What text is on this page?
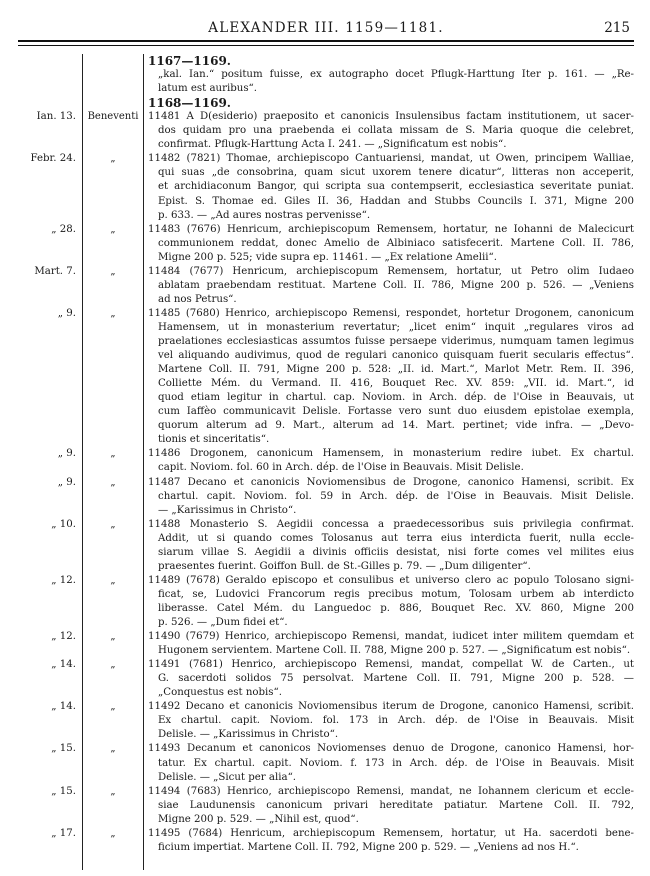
ALEXANDER III. 1159—1181.	215
Ian. 13.
Febr. 24.
„ 28.
Mart. 7.
„ 9.
„ 9.
„ 9.
„ 10.
„ 12.
„ 12.
„ 14.
„ 14.
„ 15.
„ 15.
„ 17.
Beneventi
„
„
„
„
„
„
„
„
„
„
„
„
„
„
1167—1169.
„kal. Ian.“ positum fuisse, ex autographo docet Pflugk-Harttung Iter p. 161. — „Re-
latum est auribus“.
1168—1169.
11481 A D(esiderio) praeposito et canonicis Insulensibus factam institutionem, ut sacer-
dos quidam pro una praebenda ei collata missam de S. Maria quoque die celebret,
confirmat. Pflugk-Harttung Acta I. 241. — „Significatum est nobis“.
11482 (7821) Thomae, archiepiscopo Cantuariensi, mandat, ut Owen, principem Walliae,
qui suas „de consobrina, quam sicut uxorem tenere dicatur“, litteras non acceperit,
et archidiaconum Bangor, qui scripta sua contempserit, ecclesiastica severitate puniat.
Epist. S. Thomae ed. Giles II. 36, Haddan and Stubbs Councils I. 371, Migne 200
p. 633. — „Ad aures nostras pervenisse“.
11483 (7676) Henricum, archiepiscopum Remensem, hortatur, ne Iohanni de Malecicurt
communionem reddat, donec Amelio de Albiniaco satisfecerit. Martene Coll. II. 786,
Migne 200 p. 525; vide supra ep. 11461. — „Ex relatione Amelii“.
11484 (7677) Henricum, archiepiscopum Remensem, hortatur, ut Petro olim Iudaeo
ablatam praebendam restituat. Martene Coll. II. 786, Migne 200 p. 526. — „Veniens
ad nos Petrus“.
11485 (7680) Henrico, archiepiscopo Remensi, respondet, hortetur Drogonem, canonicum
Hamensem, ut in monasterium revertatur; „licet enim“ inquit „regulares viros ad
praelationes ecclesiasticas assumtos fuisse persaepe viderimus, numquam tamen legimus
vel aliquando audivimus, quod de regulari canonico quisquam fuerit secularis effectus“.
Martene Coll. II. 791, Migne 200 p. 528: „II. id. Mart.“, Marlot Metr. Rem. II. 396,
Colliette Mém. du Vermand. II. 416, Bouquet Rec. XV. 859: „VII. id. Mart.“, id
quod etiam legitur in chartul. cap. Noviom. in Arch. dép. de l'Oise in Beauvais, ut
cum Iaffèo communicavit Delisle. Fortasse vero sunt duo eiusdem epistolae exempla,
quorum alterum ad 9. Mart., alterum ad 14. Mart. pertinet; vide infra. — „Devo-
tionis et sinceritatis“.
11486 Drogonem, canonicum Hamensem, in monasterium redire iubet. Ex chartul.
capit. Noviom. fol. 60 in Arch. dép. de l'Oise in Beauvais. Misit Delisle.
11487 Decano et canonicis Noviomensibus de Drogone, canonico Hamensi, scribit. Ex
chartul. capit. Noviom. fol. 59 in Arch. dép. de l'Oise in Beauvais. Misit Delisle.
— „Karissimus in Christo“.
11488 Monasterio S. Aegidii concessa a praedecessoribus suis privilegia confirmat.
Addit, ut si quando comes Tolosanus aut terra eius interdicta fuerit, nulla eccle-
siarum villae S. Aegidii a divinis officiis desistat, nisi forte comes vel milites eius
praesentes fuerint. Goiffon Bull. de St.-Gilles p. 79. — „Dum diligenter“.
11489 (7678) Geraldo episcopo et consulibus et universo clero ac populo Tolosano signi-
ficat, se, Ludovici Francorum regis precibus motum, Tolosam urbem ab interdicto
liberasse. Catel Mém. du Languedoc p. 886, Bouquet Rec. XV. 860, Migne 200
p. 526. — „Dum fidei et“.
11490 (7679) Henrico, archiepiscopo Remensi, mandat, iudicet inter militem quemdam et
Hugonem servientem. Martene Coll. II. 788, Migne 200 p. 527. — „Significatum est nobis“.
11491 (7681) Henrico, archiepiscopo Remensi, mandat, compellat W. de Carten., ut
G. sacerdoti solidos 75 persolvat. Martene Coll. II. 791, Migne 200 p. 528. —
„Conquestus est nobis“.
11492 Decano et canonicis Noviomensibus iterum de Drogone, canonico Hamensi, scribit.
Ex chartul. capit. Noviom. fol. 173 in Arch. dép. de l'Oise in Beauvais. Misit
Delisle. — „Karissimus in Christo“.
11493 Decanum et canonicos Noviomenses denuo de Drogone, canonico Hamensi, hor-
tatur. Ex chartul. capit. Noviom. f. 173 in Arch. dép. de l'Oise in Beauvais. Misit
Delisle. — „Sicut per alia“.
11494 (7683) Henrico, archiepiscopo Remensi, mandat, ne Iohannem clericum et eccle-
siae Laudunensis canonicum privari hereditate patiatur. Martene Coll. II. 792,
Migne 200 p. 529. — „Nihil est, quod“.
11495 (7684) Henricum, archiepiscopum Remensem, hortatur, ut Ha. sacerdoti bene-
ficium impertiat. Martene Coll. II. 792, Migne 200 p. 529. — „Veniens ad nos H.“.
